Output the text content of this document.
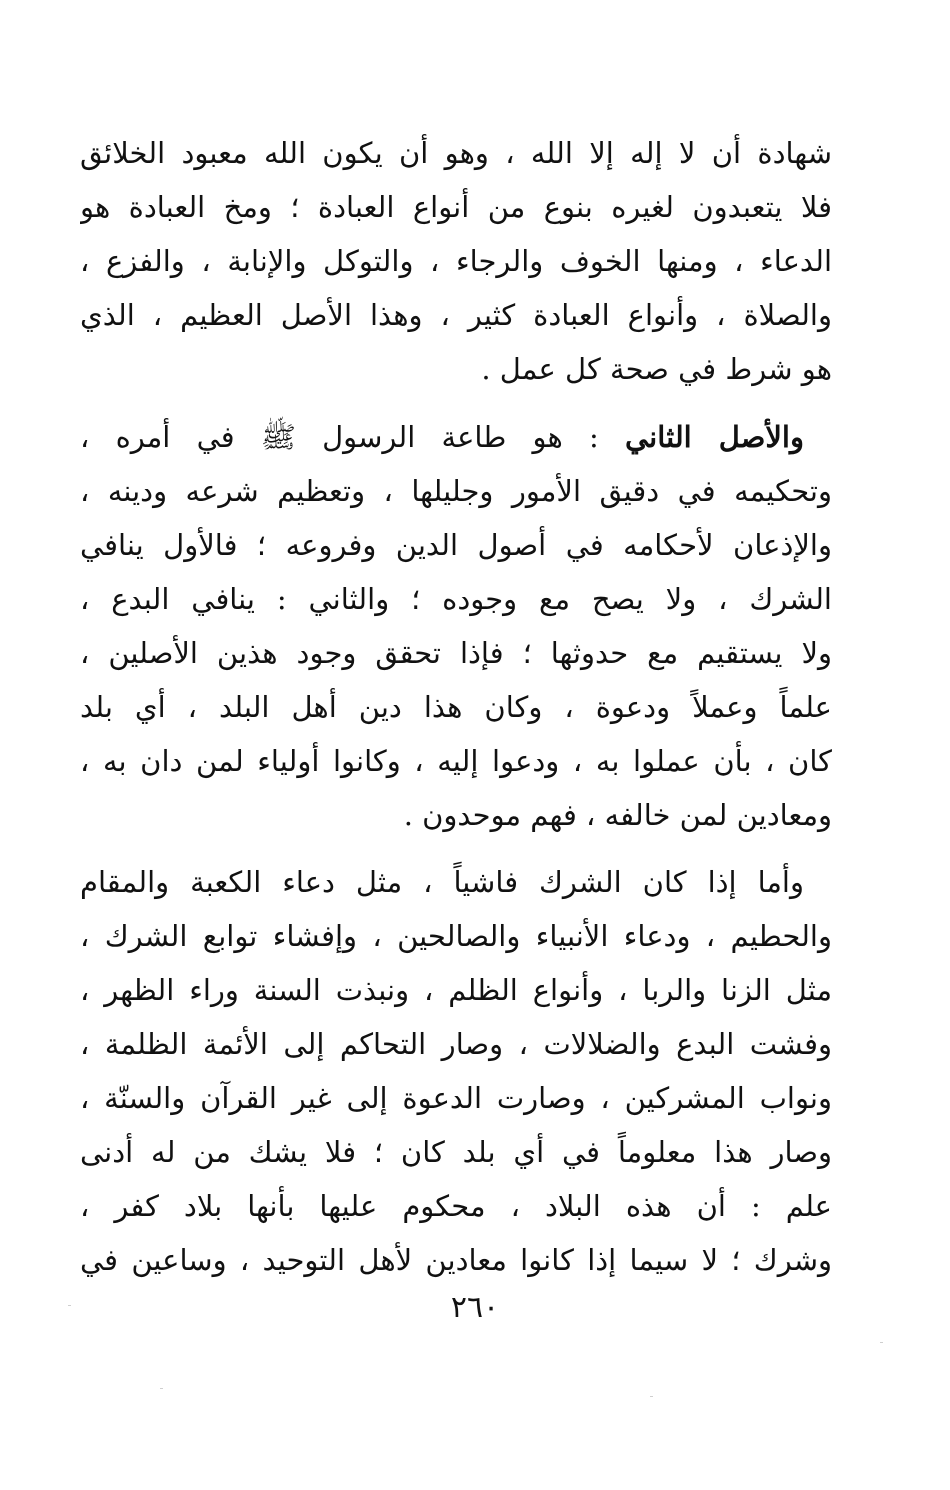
شهادة أن لا إله إلا الله ، وهو أن يكون الله معبود الخلائق
فلا يتعبدون لغيره بنوع من أنواع العبادة ؛ ومخ العبادة هو
الدعاء ، ومنها الخوف والرجاء ، والتوكل والإنابة ، والفزع ،
والصلاة ، وأنواع العبادة كثير ، وهذا الأصل العظيم ، الذي
هو شرط في صحة كل عمل .
والأصل الثاني : هو طاعة الرسول ﷺ في أمره ،
وتحكيمه في دقيق الأمور وجليلها ، وتعظيم شرعه ودينه ،
والإذعان لأحكامه في أصول الدين وفروعه ؛ فالأول ينافي
الشرك ، ولا يصح مع وجوده ؛ والثاني : ينافي البدع ،
ولا يستقيم مع حدوثها ؛ فإذا تحقق وجود هذين الأصلين ،
علماً وعملاً ودعوة ، وكان هذا دين أهل البلد ، أي بلد
كان ، بأن عملوا به ، ودعوا إليه ، وكانوا أولياء لمن دان به ،
ومعادين لمن خالفه ، فهم موحدون .
وأما إذا كان الشرك فاشياً ، مثل دعاء الكعبة والمقام
والحطيم ، ودعاء الأنبياء والصالحين ، وإفشاء توابع الشرك ،
مثل الزنا والربا ، وأنواع الظلم ، ونبذت السنة وراء الظهر ،
وفشت البدع والضلالات ، وصار التحاكم إلى الأئمة الظلمة ،
ونواب المشركين ، وصارت الدعوة إلى غير القرآن والسنّة ،
وصار هذا معلوماً في أي بلد كان ؛ فلا يشك من له أدنى
علم : أن هذه البلاد ، محكوم عليها بأنها بلاد كفر ،
وشرك ؛ لا سيما إذا كانوا معادين لأهل التوحيد ، وساعين في
٢٦٠
